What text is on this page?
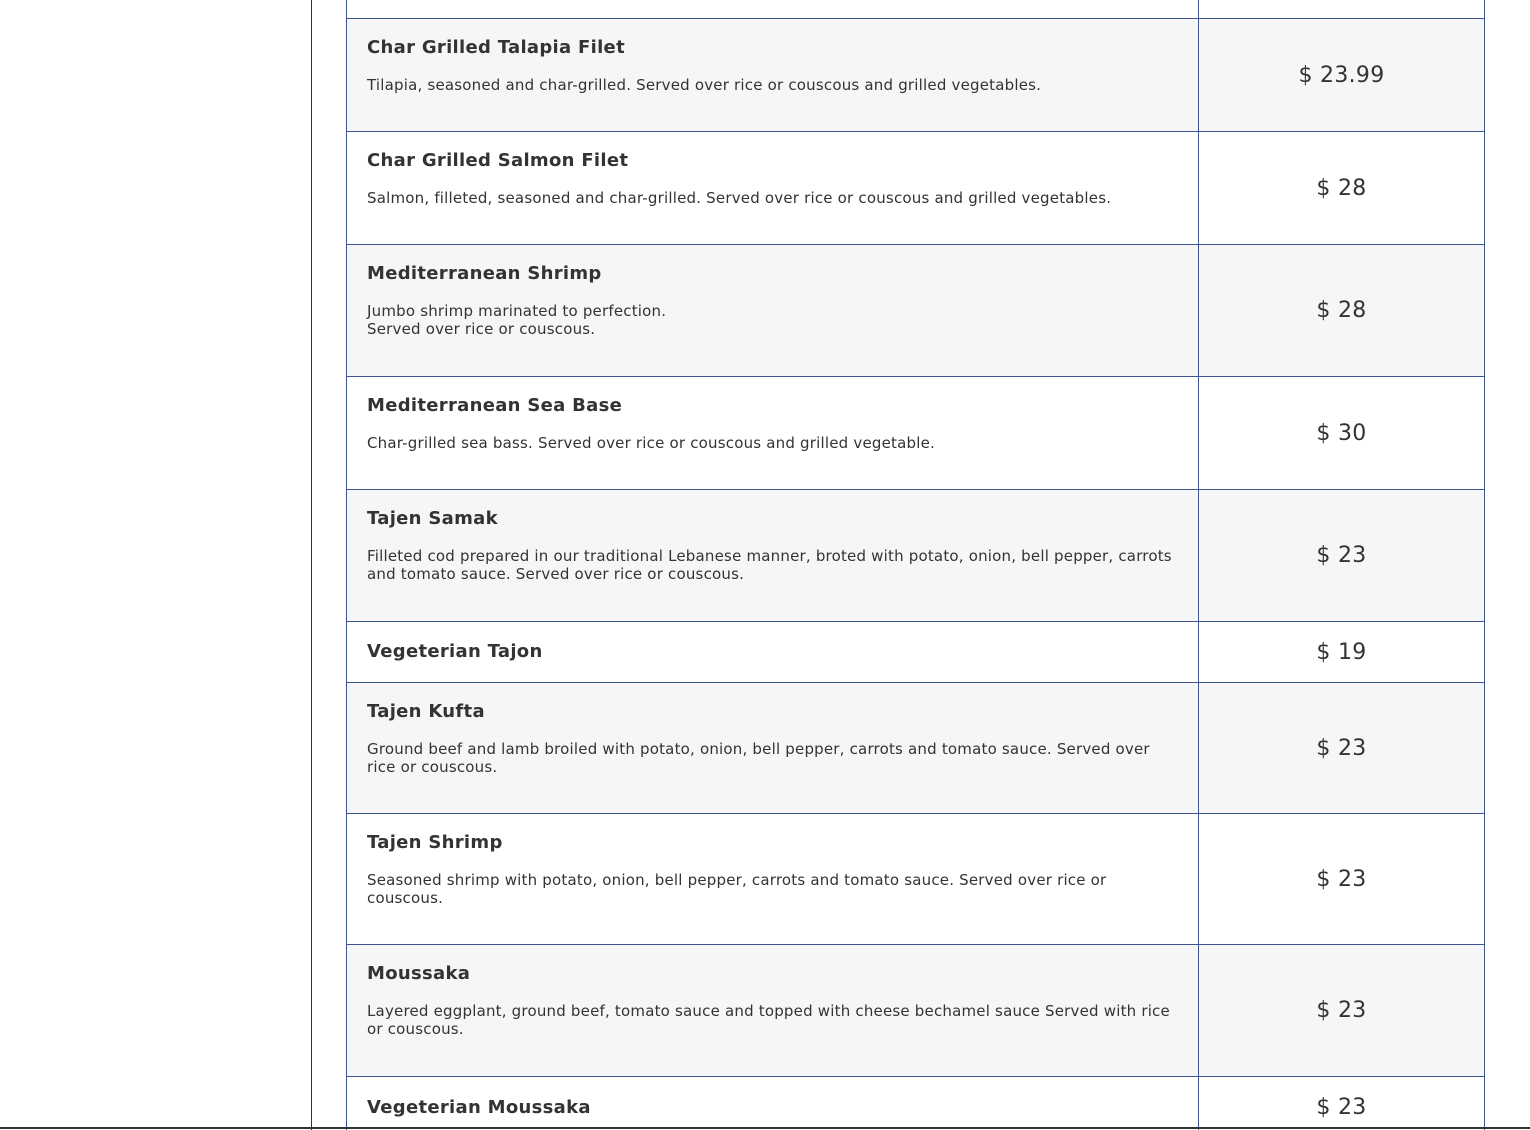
Char Grilled Talapia Filet
Tilapia, seasoned and char-grilled. Served over rice or couscous and grilled vegetables.	$ 23.99

Char Grilled Salmon Filet
Salmon, filleted, seasoned and char-grilled. Served over rice or couscous and grilled vegetables.	$ 28

Mediterranean Shrimp
Jumbo shrimp marinated to perfection.
Served over rice or couscous.	$ 28

Mediterranean Sea Base
Char-grilled sea bass. Served over rice or couscous and grilled vegetable.	$ 30

Tajen Samak
Filleted cod prepared in our traditional Lebanese manner, broted with potato, onion, bell pepper, carrots and tomato sauce. Served over rice or couscous.	$ 23

Vegeterian Tajon	$ 19

Tajen Kufta
Ground beef and lamb broiled with potato, onion, bell pepper, carrots and tomato sauce. Served over rice or couscous.	$ 23

Tajen Shrimp
Seasoned shrimp with potato, onion, bell pepper, carrots and tomato sauce. Served over rice or couscous.	$ 23

Moussaka
Layered eggplant, ground beef, tomato sauce and topped with cheese bechamel sauce Served with rice or couscous.	$ 23

Vegeterian Moussaka	$ 23
